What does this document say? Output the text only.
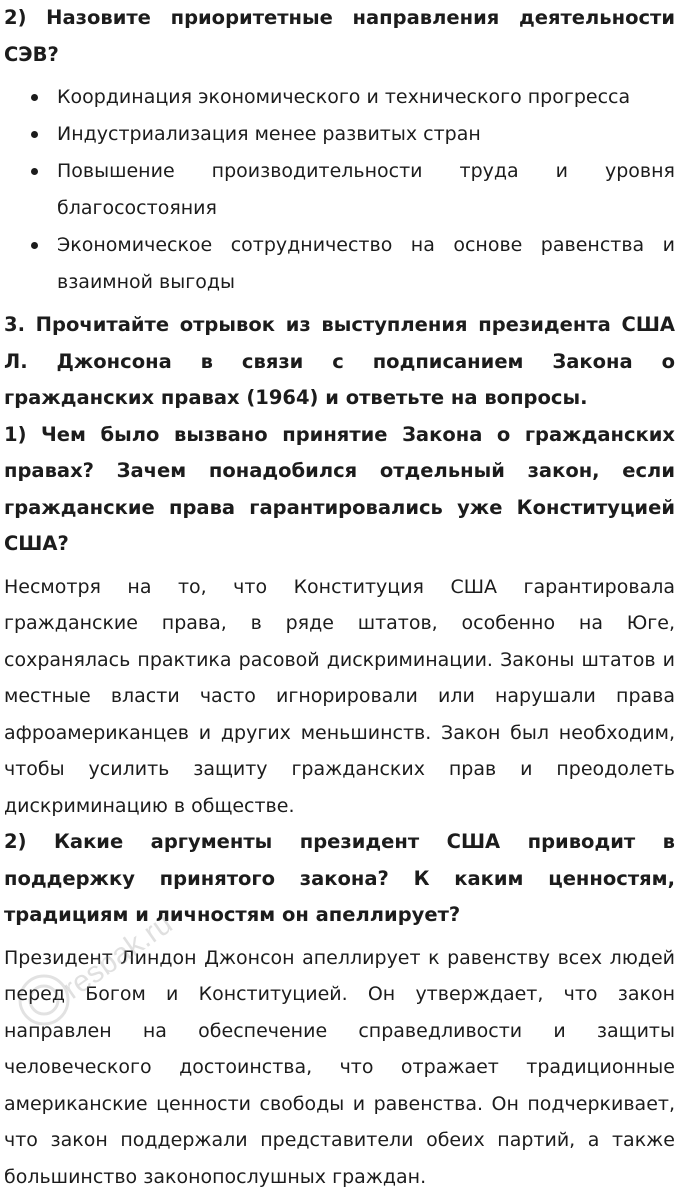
2) Назовите приоритетные направления деятельности СЭВ?

Координация экономического и технического прогресса
Индустриализация менее развитых стран
Повышение производительности труда и уровня благосостояния
Экономическое сотрудничество на основе равенства и взаимной выгоды

3. Прочитайте отрывок из выступления президента США Л. Джонсона в связи с подписанием Закона о гражданских правах (1964) и ответьте на вопросы.

1) Чем было вызвано принятие Закона о гражданских правах? Зачем понадобился отдельный закон, если гражданские права гарантировались уже Конституцией США?

Несмотря на то, что Конституция США гарантировала гражданские права, в ряде штатов, особенно на Юге, сохранялась практика расовой дискриминации. Законы штатов и местные власти часто игнорировали или нарушали права афроамериканцев и других меньшинств. Закон был необходим, чтобы усилить защиту гражданских прав и преодолеть дискриминацию в обществе.

2) Какие аргументы президент США приводит в поддержку принятого закона? К каким ценностям, традициям и личностям он апеллирует?

Президент Линдон Джонсон апеллирует к равенству всех людей перед Богом и Конституцией. Он утверждает, что закон направлен на обеспечение справедливости и защиты человеческого достоинства, что отражает традиционные американские ценности свободы и равенства. Он подчеркивает, что закон поддержали представители обеих партий, а также большинство законопослушных граждан.

resbak.ru
